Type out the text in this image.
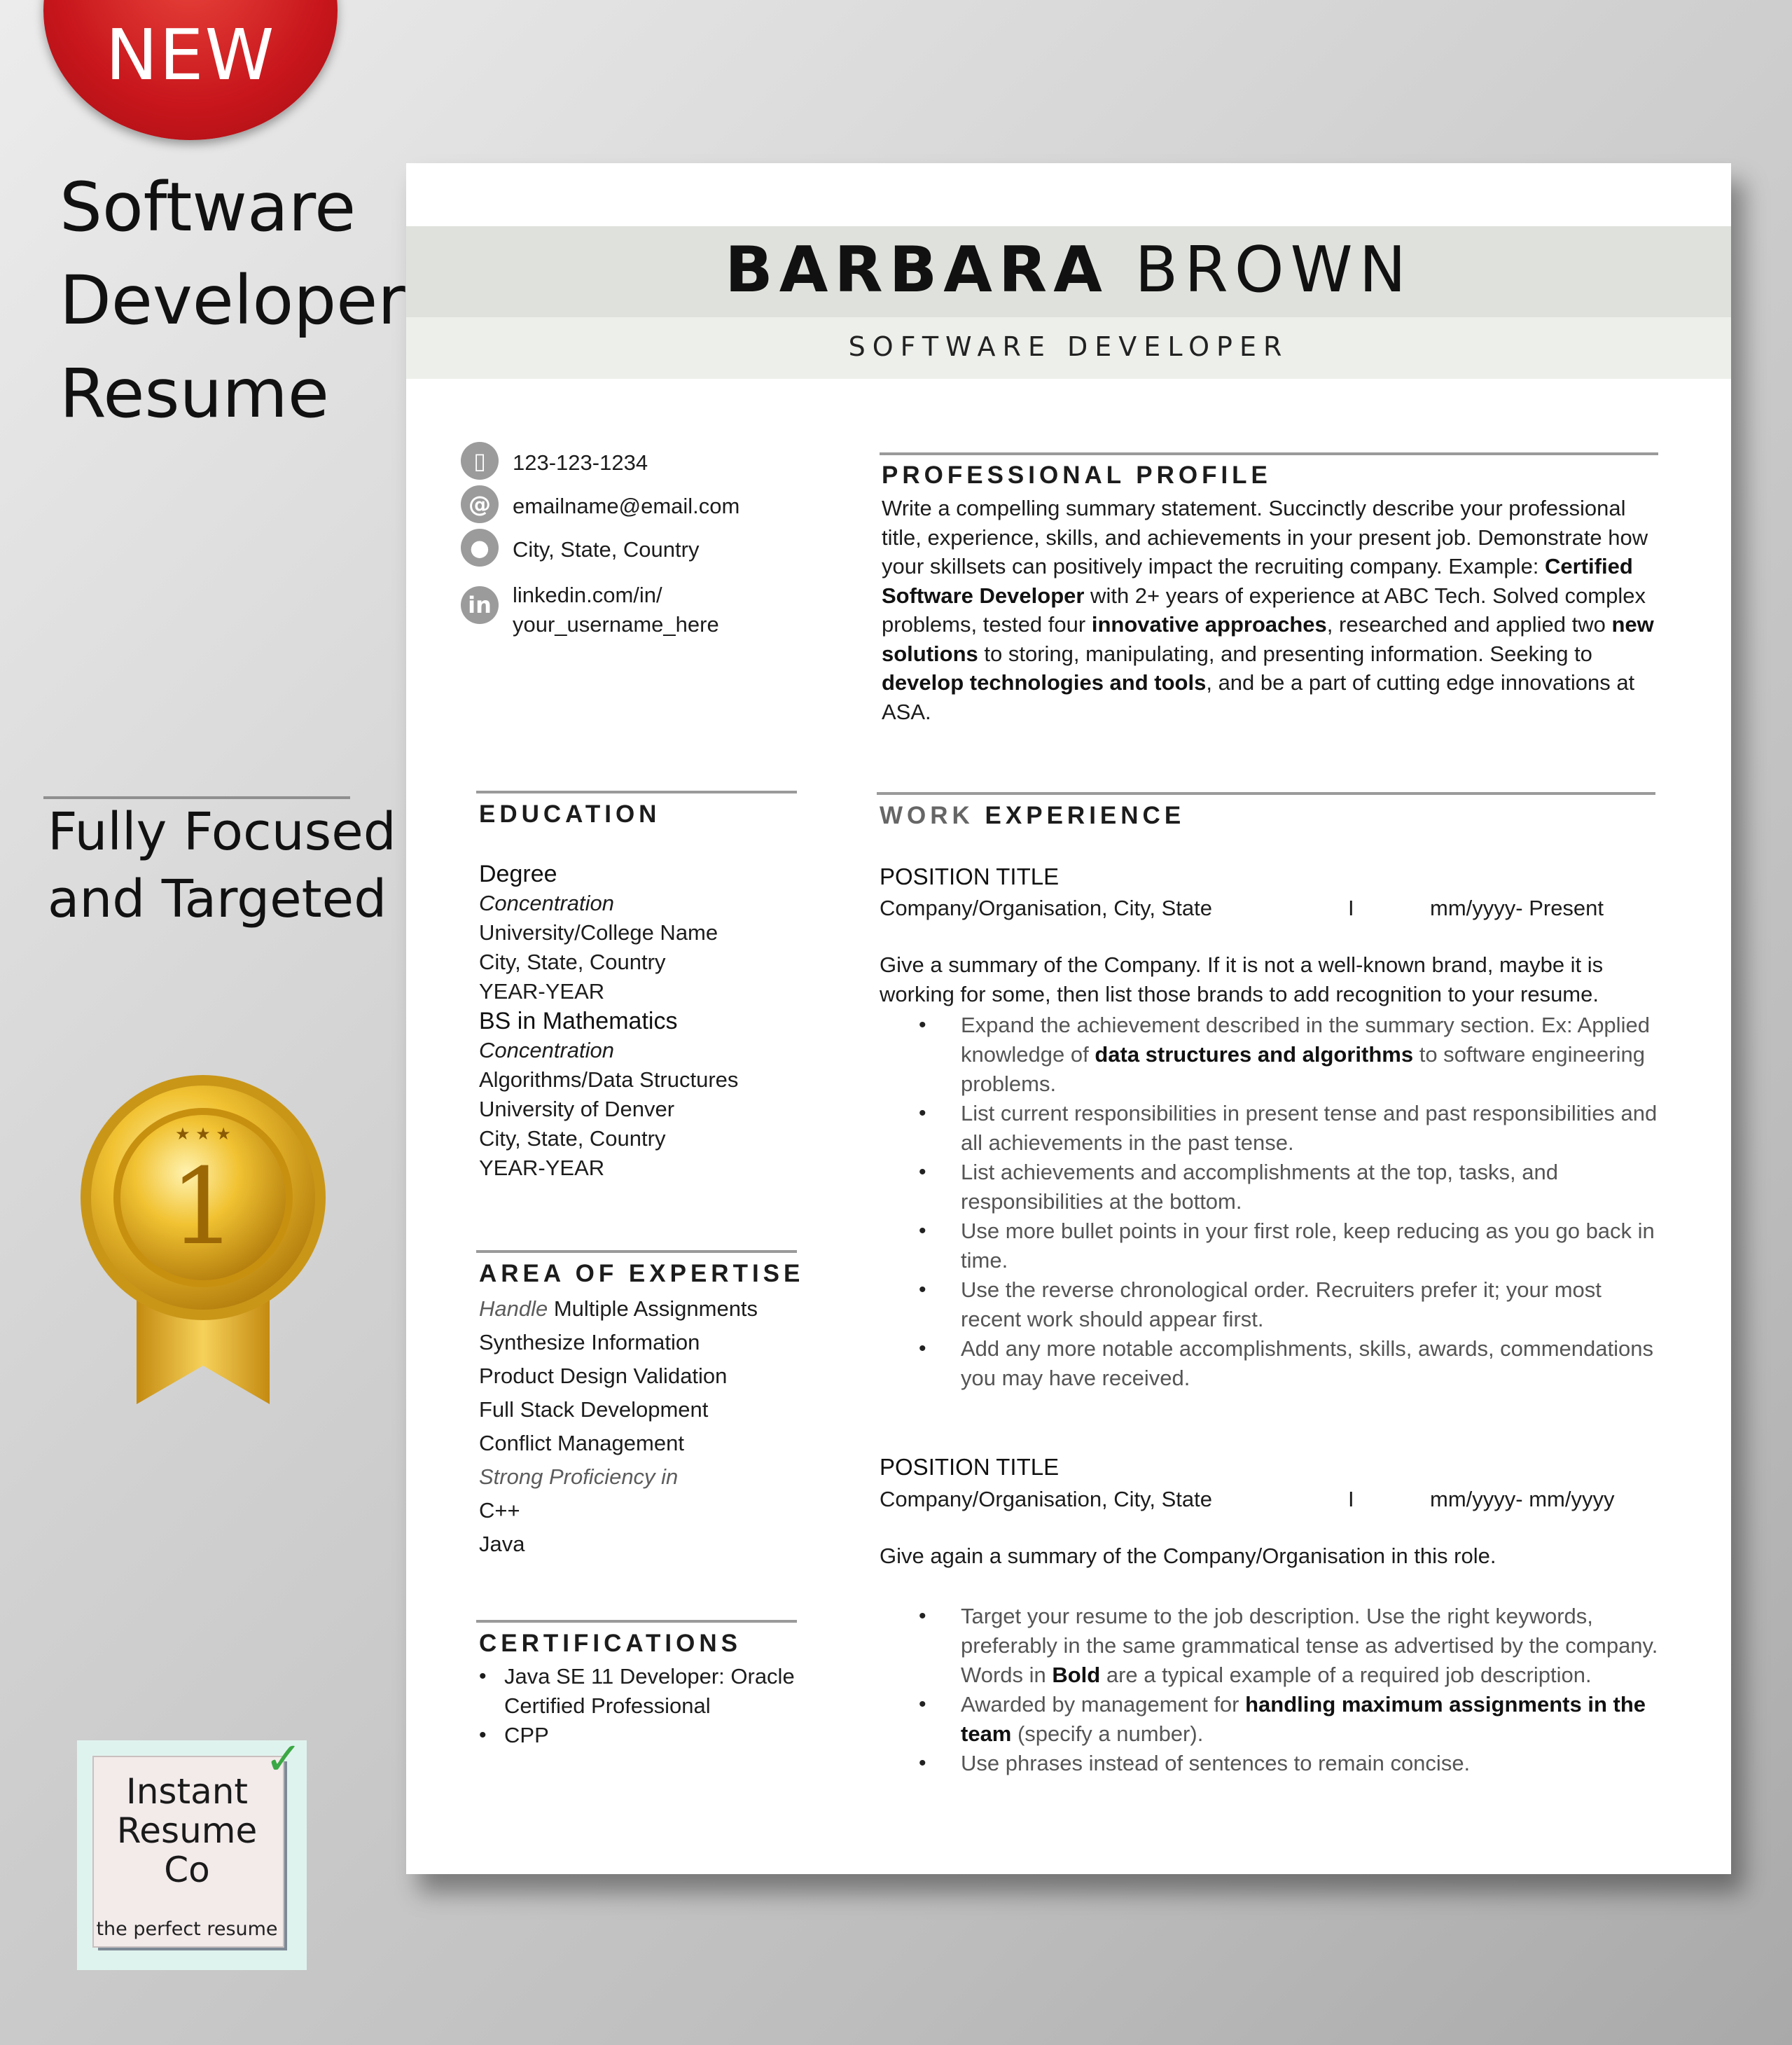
NEW
Software
Developer
Resume
Fully Focused
and Targeted
★ ★ ★
1
Instant
Resume
Co
the perfect resume
✓
BARBARA BROWN
SOFTWARE DEVELOPER
▯	123-123-1234
@	emailname@email.com
●	City, State, Country
in linkedin.com/in/
your_username_here
PROFESSIONAL PROFILE
Write a compelling summary statement. Succinctly describe your professional title, experience, skills, and achievements in your present job. Demonstrate how your skillsets can positively impact the recruiting company. Example: Certified Software Developer with 2+ years of experience at ABC Tech. Solved complex problems, tested four innovative approaches, researched and applied two new solutions to storing, manipulating, and presenting information. Seeking to develop technologies and tools, and be a part of cutting edge innovations at ASA.
EDUCATION
Degree
Concentration
University/College Name
City, State, Country
YEAR-YEAR
BS in Mathematics
Concentration
Algorithms/Data Structures
University of Denver
City, State, Country
YEAR-YEAR
AREA OF EXPERTISE
Handle Multiple Assignments
Synthesize Information
Product Design Validation
Full Stack Development
Conflict Management
Strong Proficiency in
C++
Java
CERTIFICATIONS
• Java SE 11 Developer: Oracle Certified Professional
• CPP
WORK EXPERIENCE
POSITION TITLE
Company/Organisation, City, State	I	mm/yyyy- Present
Give a summary of the Company. If it is not a well-known brand, maybe it is working for some, then list those brands to add recognition to your resume.
• Expand the achievement described in the summary section. Ex: Applied knowledge of data structures and algorithms to software engineering problems.
• List current responsibilities in present tense and past responsibilities and all achievements in the past tense.
• List achievements and accomplishments at the top, tasks, and responsibilities at the bottom.
• Use more bullet points in your first role, keep reducing as you go back in time.
• Use the reverse chronological order. Recruiters prefer it; your most recent work should appear first.
• Add any more notable accomplishments, skills, awards, commendations you may have received.
POSITION TITLE
Company/Organisation, City, State	I	mm/yyyy- mm/yyyy
Give again a summary of the Company/Organisation in this role.
• Target your resume to the job description. Use the right keywords, preferably in the same grammatical tense as advertised by the company. Words in Bold are a typical example of a required job description.
• Awarded by management for handling maximum assignments in the team (specify a number).
• Use phrases instead of sentences to remain concise.
